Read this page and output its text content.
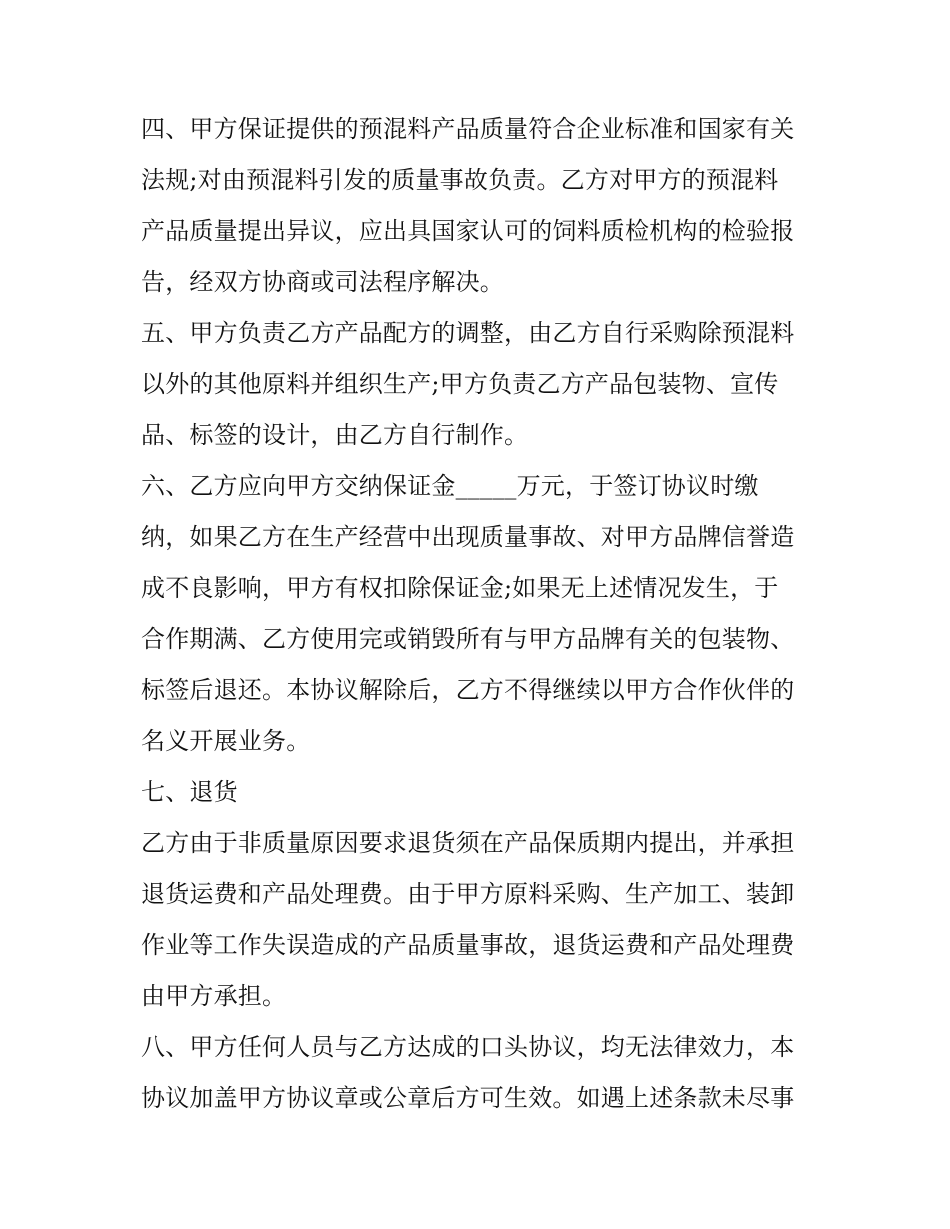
四、甲方保证提供的预混料产品质量符合企业标准和国家有关
法规;对由预混料引发的质量事故负责。乙方对甲方的预混料
产品质量提出异议，应出具国家认可的饲料质检机构的检验报
告，经双方协商或司法程序解决。
五、甲方负责乙方产品配方的调整，由乙方自行采购除预混料
以外的其他原料并组织生产;甲方负责乙方产品包装物、宣传
品、标签的设计，由乙方自行制作。
六、乙方应向甲方交纳保证金_____万元，于签订协议时缴
纳，如果乙方在生产经营中出现质量事故、对甲方品牌信誉造
成不良影响，甲方有权扣除保证金;如果无上述情况发生，于
合作期满、乙方使用完或销毁所有与甲方品牌有关的包装物、
标签后退还。本协议解除后，乙方不得继续以甲方合作伙伴的
名义开展业务。
七、退货
乙方由于非质量原因要求退货须在产品保质期内提出，并承担
退货运费和产品处理费。由于甲方原料采购、生产加工、装卸
作业等工作失误造成的产品质量事故，退货运费和产品处理费
由甲方承担。
八、甲方任何人员与乙方达成的口头协议，均无法律效力，本
协议加盖甲方协议章或公章后方可生效。如遇上述条款未尽事
